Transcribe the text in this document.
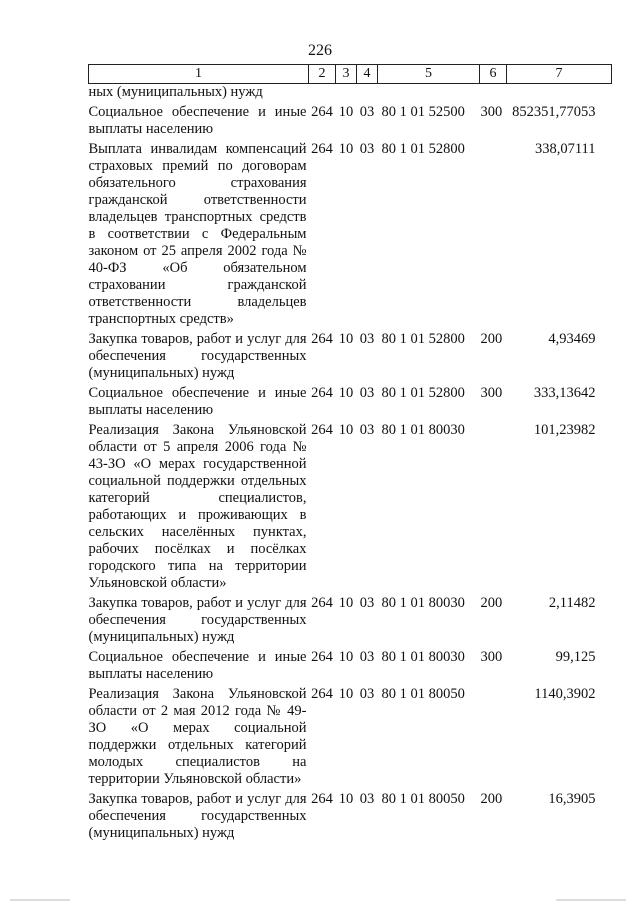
226
1	2	3	4	5	6	7
ных (муниципальных) нужд						
Социальное обеспечение и иные выплаты населению	264	10	03	80 1 01 52500	300	852351,77053
Выплата инвалидам компенсаций страховых премий по договорам обязательного страхования гражданской ответственности владельцев транспортных средств в соответствии с Федеральным законом от 25 апреля 2002 года № 40-ФЗ «Об обязательном страховании гражданской ответственности владельцев транспортных средств»	264	10	03	80 1 01 52800		338,07111
Закупка товаров, работ и услуг для обеспечения государственных (муниципальных) нужд	264	10	03	80 1 01 52800	200	4,93469
Социальное обеспечение и иные выплаты населению	264	10	03	80 1 01 52800	300	333,13642
Реализация Закона Ульяновской области от 5 апреля 2006 года № 43-ЗО «О мерах государственной социальной поддержки отдельных категорий специалистов, работающих и проживающих в сельских населённых пунктах, рабочих посёлках и посёлках городского типа на территории Ульяновской области»	264	10	03	80 1 01 80030		101,23982
Закупка товаров, работ и услуг для обеспечения государственных (муниципальных) нужд	264	10	03	80 1 01 80030	200	2,11482
Социальное обеспечение и иные выплаты населению	264	10	03	80 1 01 80030	300	99,125
Реализация Закона Ульяновской области от 2 мая 2012 года № 49-ЗО «О мерах социальной поддержки отдельных категорий молодых специалистов на территории Ульяновской области»	264	10	03	80 1 01 80050		1140,3902
Закупка товаров, работ и услуг для обеспечения государственных (муниципальных) нужд	264	10	03	80 1 01 80050	200	16,3905
